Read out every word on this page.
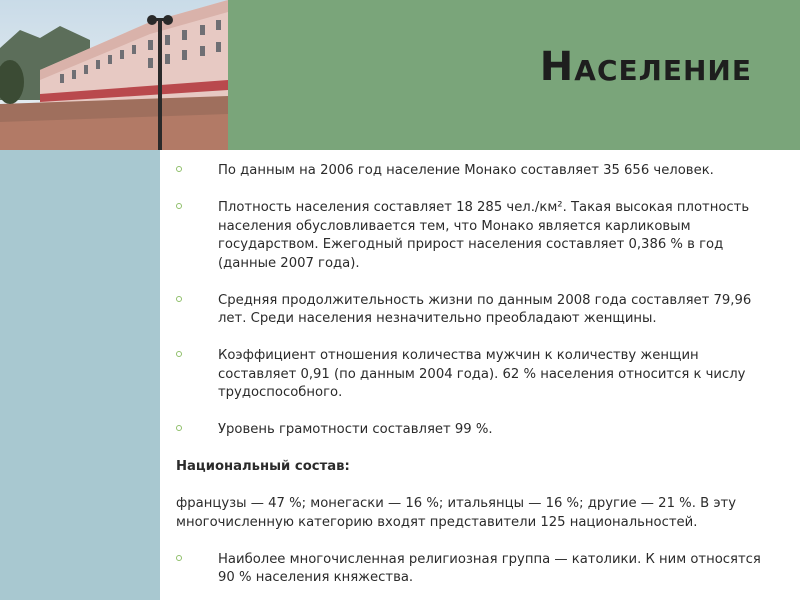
Население

По данным на 2006 год население Монако составляет 35 656 человек.

Плотность населения составляет 18 285 чел./км². Такая высокая плотность населения обусловливается тем, что Монако является карликовым государством. Ежегодный прирост населения составляет 0,386 % в год (данные 2007 года).

Средняя продолжительность жизни по данным 2008 года составляет 79,96 лет. Среди населения незначительно преобладают женщины.

Коэффициент отношения количества мужчин к количеству женщин составляет 0,91 (по данным 2004 года). 62 % населения относится к числу трудоспособного.

Уровень грамотности составляет 99 %.

Национальный состав:

французы — 47 %; монегаски — 16 %; итальянцы — 16 %; другие — 21 %. В эту многочисленную категорию входят представители 125 национальностей.

Наиболее многочисленная религиозная группа — католики. К ним относятся 90 % населения княжества.
